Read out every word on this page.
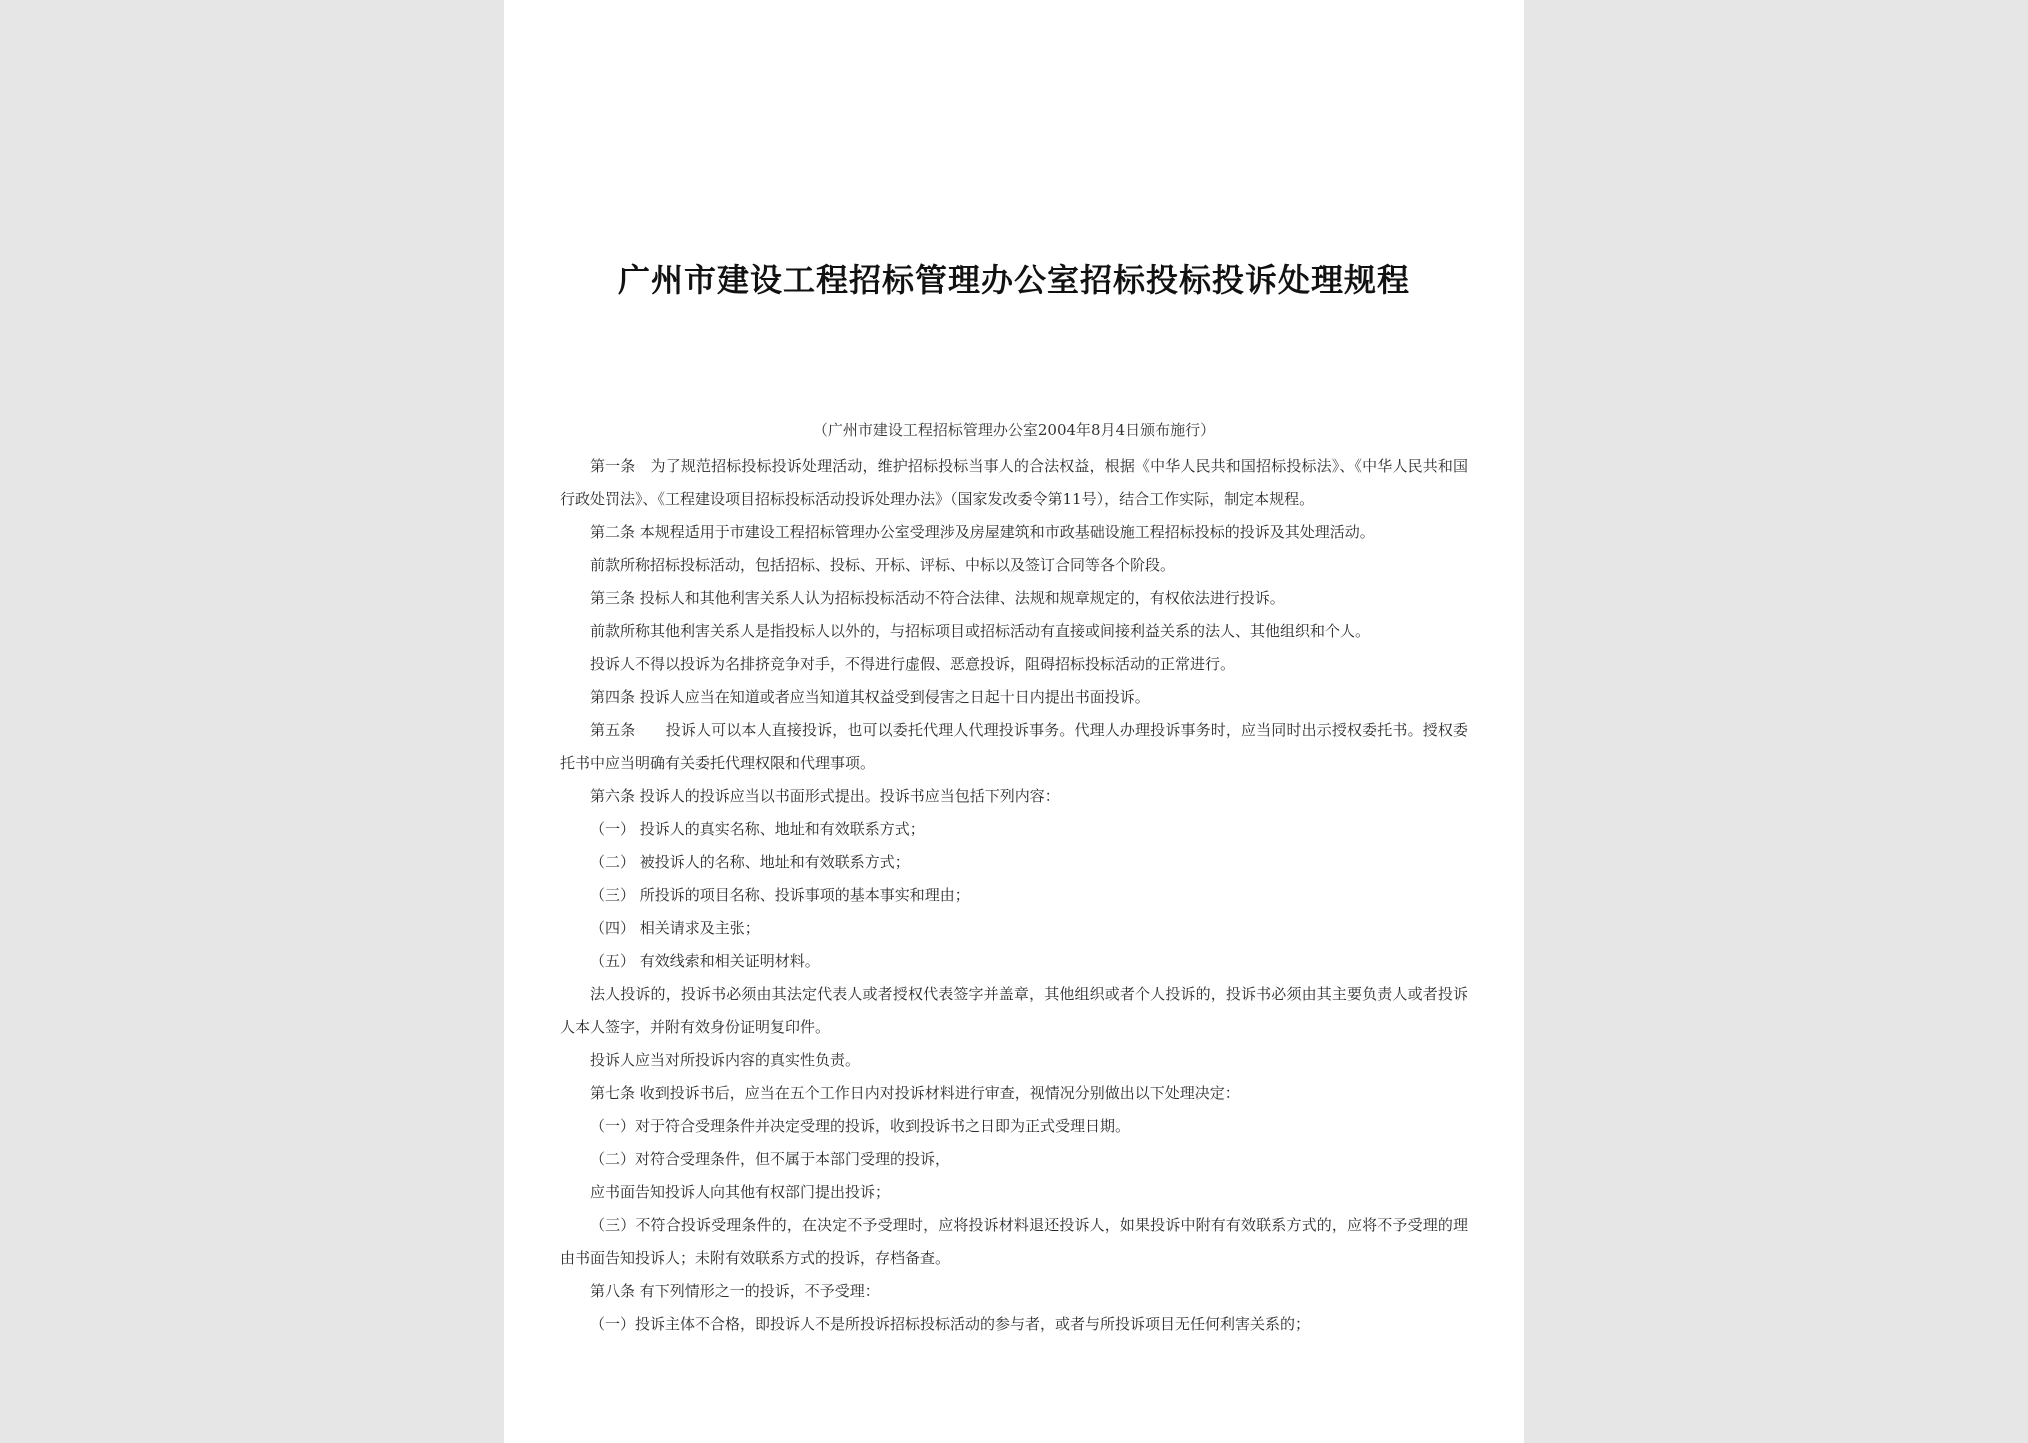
广州市建设工程招标管理办公室招标投标投诉处理规程
（广州市建设工程招标管理办公室2004年8月4日颁布施行）

第一条　为了规范招标投标投诉处理活动，维护招标投标当事人的合法权益，根据《中华人民共和国招标投标法》、《中华人民共和国行政处罚法》、《工程建设项目招标投标活动投诉处理办法》（国家发改委令第11号），结合工作实际，制定本规程。

第二条 本规程适用于市建设工程招标管理办公室受理涉及房屋建筑和市政基础设施工程招标投标的投诉及其处理活动。

前款所称招标投标活动，包括招标、投标、开标、评标、中标以及签订合同等各个阶段。

第三条 投标人和其他利害关系人认为招标投标活动不符合法律、法规和规章规定的，有权依法进行投诉。

前款所称其他利害关系人是指投标人以外的，与招标项目或招标活动有直接或间接利益关系的法人、其他组织和个人。

投诉人不得以投诉为名排挤竞争对手，不得进行虚假、恶意投诉，阻碍招标投标活动的正常进行。

第四条 投诉人应当在知道或者应当知道其权益受到侵害之日起十日内提出书面投诉。

第五条　　投诉人可以本人直接投诉，也可以委托代理人代理投诉事务。代理人办理投诉事务时，应当同时出示授权委托书。授权委托书中应当明确有关委托代理权限和代理事项。

第六条 投诉人的投诉应当以书面形式提出。投诉书应当包括下列内容：

（一） 投诉人的真实名称、地址和有效联系方式；

（二） 被投诉人的名称、地址和有效联系方式；

（三） 所投诉的项目名称、投诉事项的基本事实和理由；

（四） 相关请求及主张；

（五） 有效线索和相关证明材料。

法人投诉的，投诉书必须由其法定代表人或者授权代表签字并盖章，其他组织或者个人投诉的，投诉书必须由其主要负责人或者投诉人本人签字，并附有效身份证明复印件。

投诉人应当对所投诉内容的真实性负责。

第七条 收到投诉书后，应当在五个工作日内对投诉材料进行审查，视情况分别做出以下处理决定：

（一）对于符合受理条件并决定受理的投诉，收到投诉书之日即为正式受理日期。

（二）对符合受理条件，但不属于本部门受理的投诉，

应书面告知投诉人向其他有权部门提出投诉；

（三）不符合投诉受理条件的，在决定不予受理时，应将投诉材料退还投诉人，如果投诉中附有有效联系方式的，应将不予受理的理由书面告知投诉人；未附有效联系方式的投诉，存档备查。

第八条 有下列情形之一的投诉，不予受理：

（一）投诉主体不合格，即投诉人不是所投诉招标投标活动的参与者，或者与所投诉项目无任何利害关系的；
